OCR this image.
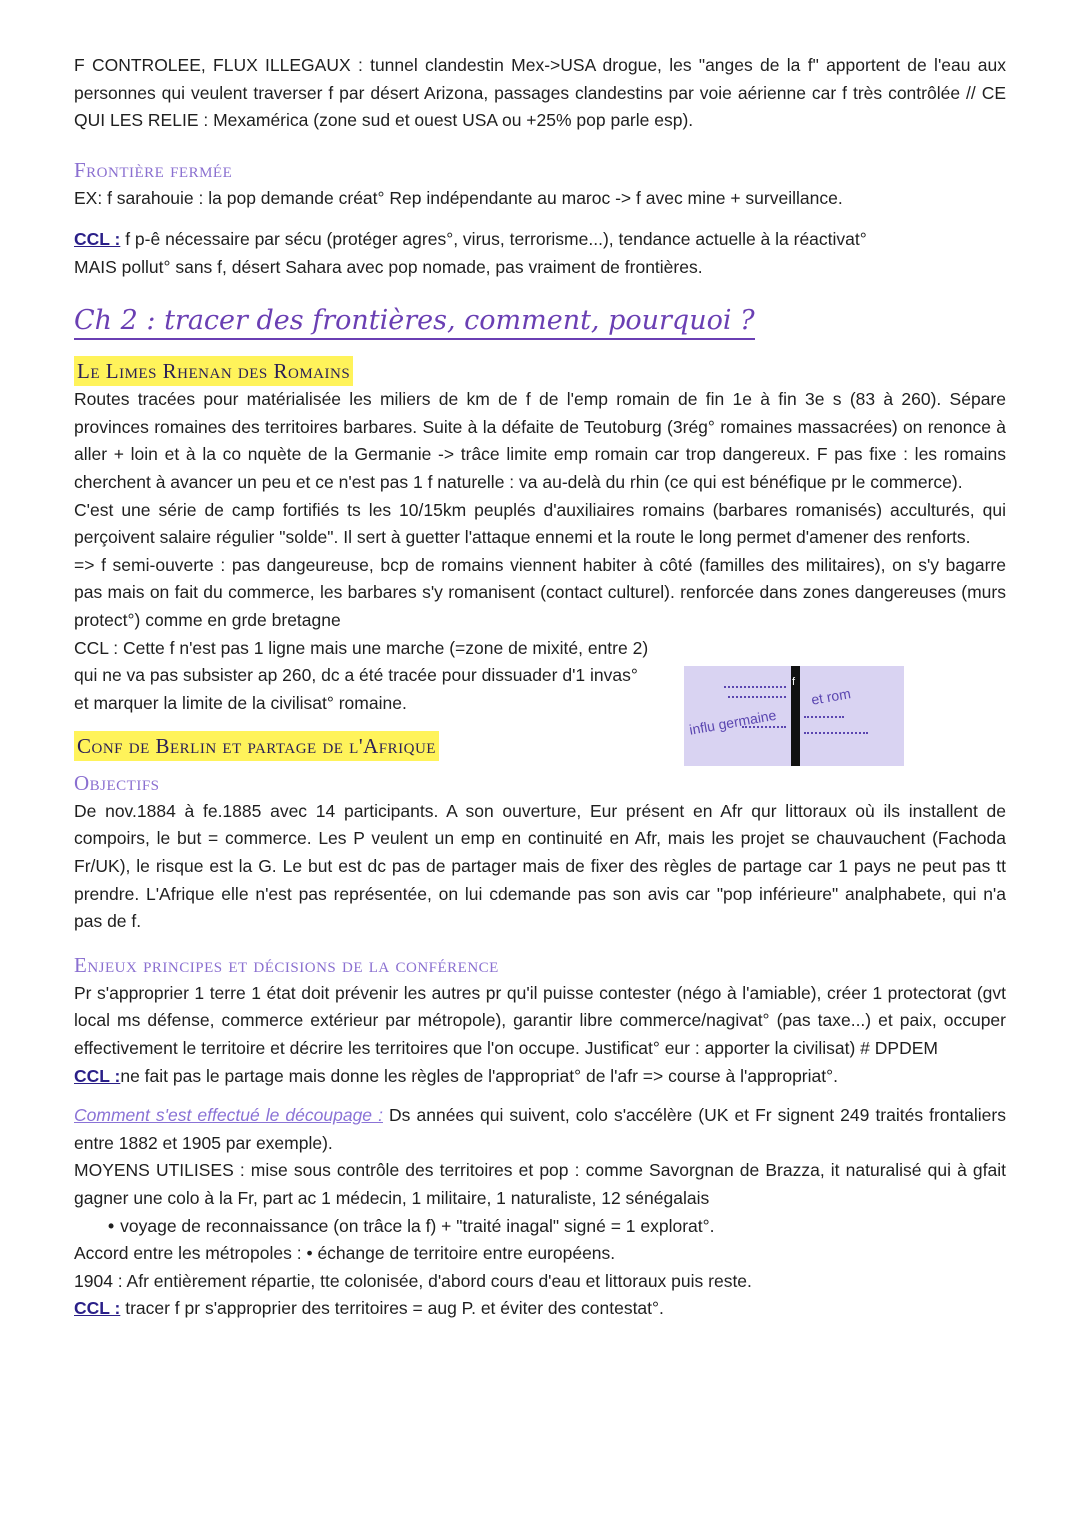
F CONTROLEE, FLUX ILLEGAUX : tunnel clandestin Mex->USA drogue, les "anges de la f" apportent de l'eau aux personnes qui veulent traverser f par désert Arizona, passages clandestins par voie aérienne car f très contrôlée // CE QUI LES RELIE : Mexamérica (zone sud et ouest USA ou +25% pop parle esp).

Frontière fermée

EX: f sarahouie : la pop demande créat° Rep indépendante au maroc -> f avec mine + surveillance.

CCL : f p-ê nécessaire par sécu (protéger agres°, virus, terrorisme...), tendance actuelle à la réactivat°

MAIS pollut° sans f, désert Sahara avec pop nomade, pas vraiment de frontières.

Ch 2 : tracer des frontières, comment, pourquoi ?
Le Limes Rhenan des Romains

Routes tracées pour matérialisée les miliers de km de f de l'emp romain de fin 1e à fin 3e s (83 à 260). Sépare provinces romaines des territoires barbares. Suite à la défaite de Teutoburg (3rég° romaines massacrées) on renonce à aller + loin et à la co nquète de la Germanie -> trâce limite emp romain car trop dangereux. F pas fixe : les romains cherchent à avancer un peu et ce n'est pas 1 f naturelle : va au-delà du rhin (ce qui est bénéfique pr le commerce).

C'est une série de camp fortifiés ts les 10/15km peuplés d'auxiliaires romains (barbares romanisés) acculturés, qui perçoivent salaire régulier "solde". Il sert à guetter l'attaque ennemi et la route le long permet d'amener des renforts.

=> f semi-ouverte : pas dangeureuse, bcp de romains viennent habiter à côté (familles des militaires), on s'y bagarre pas mais on fait du commerce, les barbares s'y romanisent (contact culturel). renforcée dans zones dangereuses (murs protect°) comme en grde bretagne

CCL : Cette f n'est pas 1 ligne mais une marche (=zone de mixité, entre 2)

qui ne va pas subsister ap 260, dc a été tracée pour dissuader d'1 invas°

et marquer la limite de la civilisat° romaine.

f
influ germaine
et rom
Conf de Berlin et partage de l'Afrique
Objectifs

De nov.1884 à fe.1885 avec 14 participants. A son ouverture, Eur présent en Afr qur littoraux où ils installent de compoirs, le but = commerce. Les P veulent un emp en continuité en Afr, mais les projet se chauvauchent (Fachoda Fr/UK), le risque est la G. Le but est dc pas de partager mais de fixer des règles de partage car 1 pays ne peut pas tt prendre. L'Afrique elle n'est pas représentée, on lui cdemande pas son avis car "pop inférieure" analphabete, qui n'a pas de f.

Enjeux principes et décisions de la conférence

Pr s'approprier 1 terre 1 état doit prévenir les autres pr qu'il puisse contester (négo à l'amiable), créer 1 protectorat (gvt local ms défense, commerce extérieur par métropole), garantir libre commerce/nagivat° (pas taxe...) et paix, occuper effectivement le territoire et décrire les territoires que l'on occupe. Justificat° eur : apporter la civilisat) # DPDEM

CCL :ne fait pas le partage mais donne les règles de l'appropriat° de l'afr => course à l'appropriat°.

Comment s'est effectué le découpage : Ds années qui suivent, colo s'accélère (UK et Fr signent 249 traités frontaliers entre 1882 et 1905 par exemple).

MOYENS UTILISES : mise sous contrôle des territoires et pop : comme Savorgnan de Brazza, it naturalisé qui à gfait gagner une colo à la Fr, part ac 1 médecin, 1 militaire, 1 naturaliste, 12 sénégalais

• voyage de reconnaissance (on trâce la f) + "traité inagal" signé = 1 explorat°.

Accord entre les métropoles : • échange de territoire entre européens.

1904 : Afr entièrement répartie, tte colonisée, d'abord cours d'eau et littoraux puis reste.

CCL : tracer f pr s'approprier des territoires = aug P. et éviter des contestat°.
